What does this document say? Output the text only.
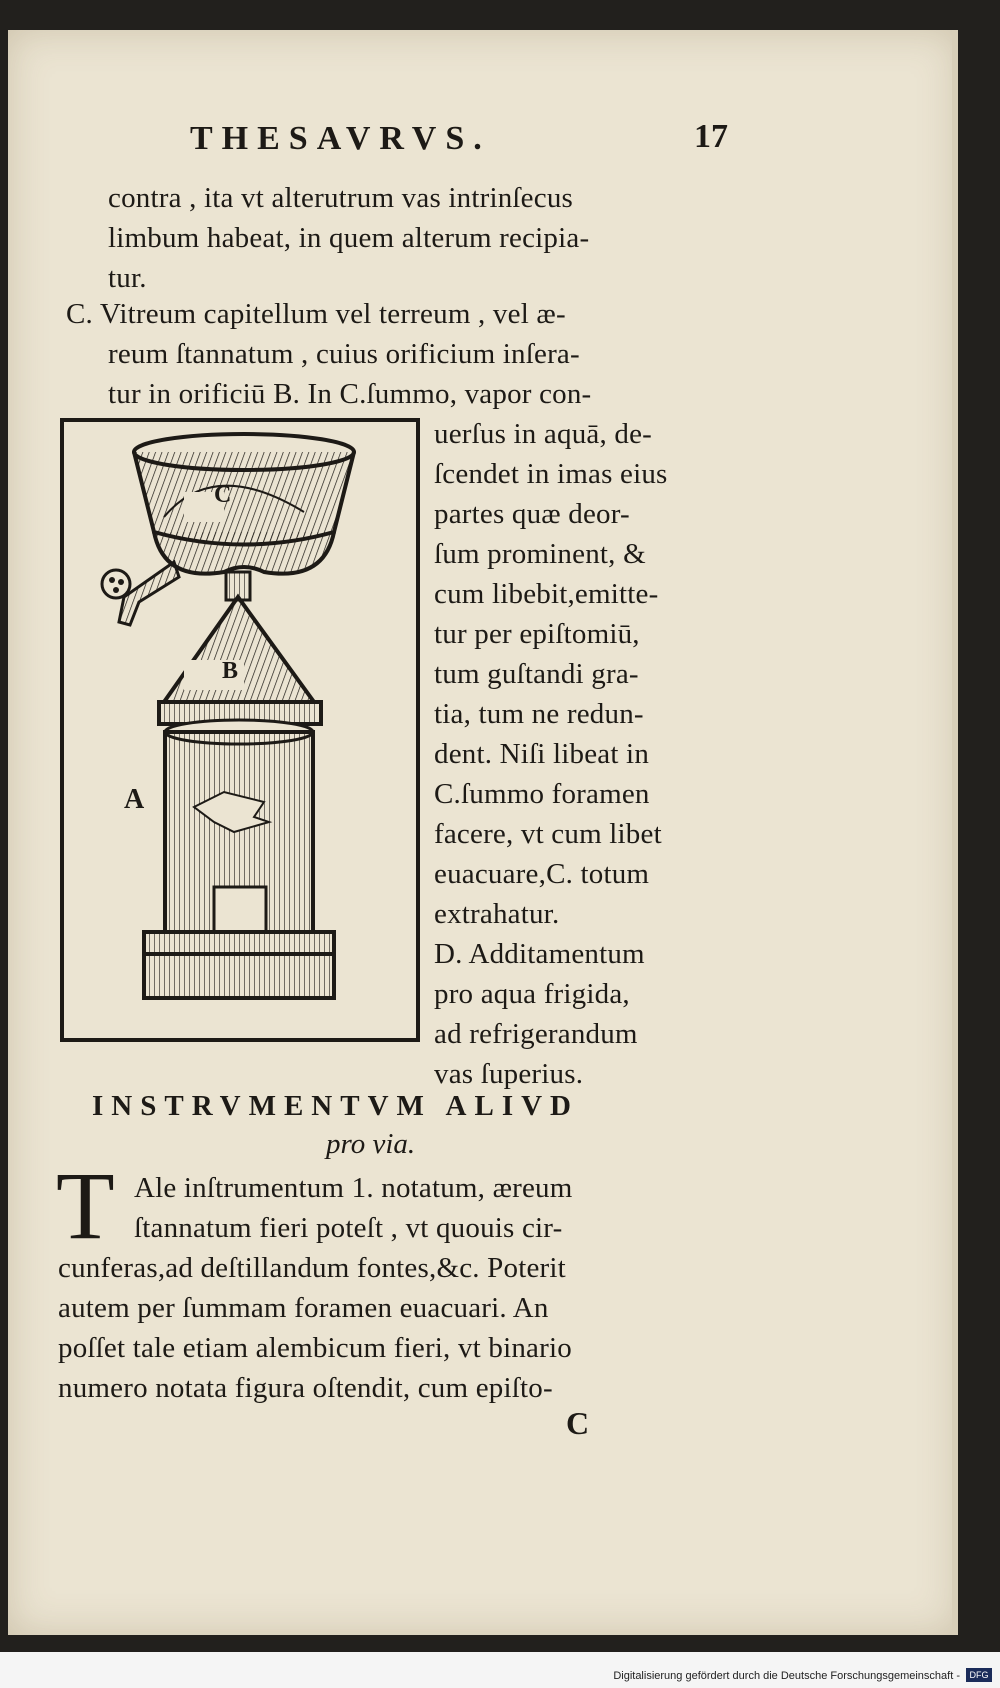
THESAVRVS.	17
contra , ita vt alterutrum vas intrinſecus
limbum habeat, in quem alterum recipia-
tur.
C. Vitreum capitellum vel terreum , vel æ-
reum ſtannatum , cuius orificium inſera-
tur in orificiū B. In C.ſummo, vapor con-
C
B
A
uerſus in aquā, de-
ſcendet in imas eius
partes quæ deor-
ſum prominent, &
cum libebit,emitte-
tur per epiſtomiū,
tum guſtandi gra-
tia, tum ne redun-
dent. Niſi libeat in
C.ſummo foramen
facere, vt cum libet
euacuare,C. totum
extrahatur.
D. Additamentum
pro aqua frigida,
ad refrigerandum
vas ſuperius.
INSTRVMENTVM ALIVD
pro via.
T Ale inſtrumentum 1. notatum, æreum
ſtannatum fieri poteſt , vt quouis cir-
cunferas,ad deſtillandum fontes,&c. Poterit
autem per ſummam foramen euacuari. An
poſſet tale etiam alembicum fieri, vt binario
numero notata figura oſtendit, cum epiſto-
C
Digitalisierung gefördert durch die Deutsche Forschungsgemeinschaft -	DFG
